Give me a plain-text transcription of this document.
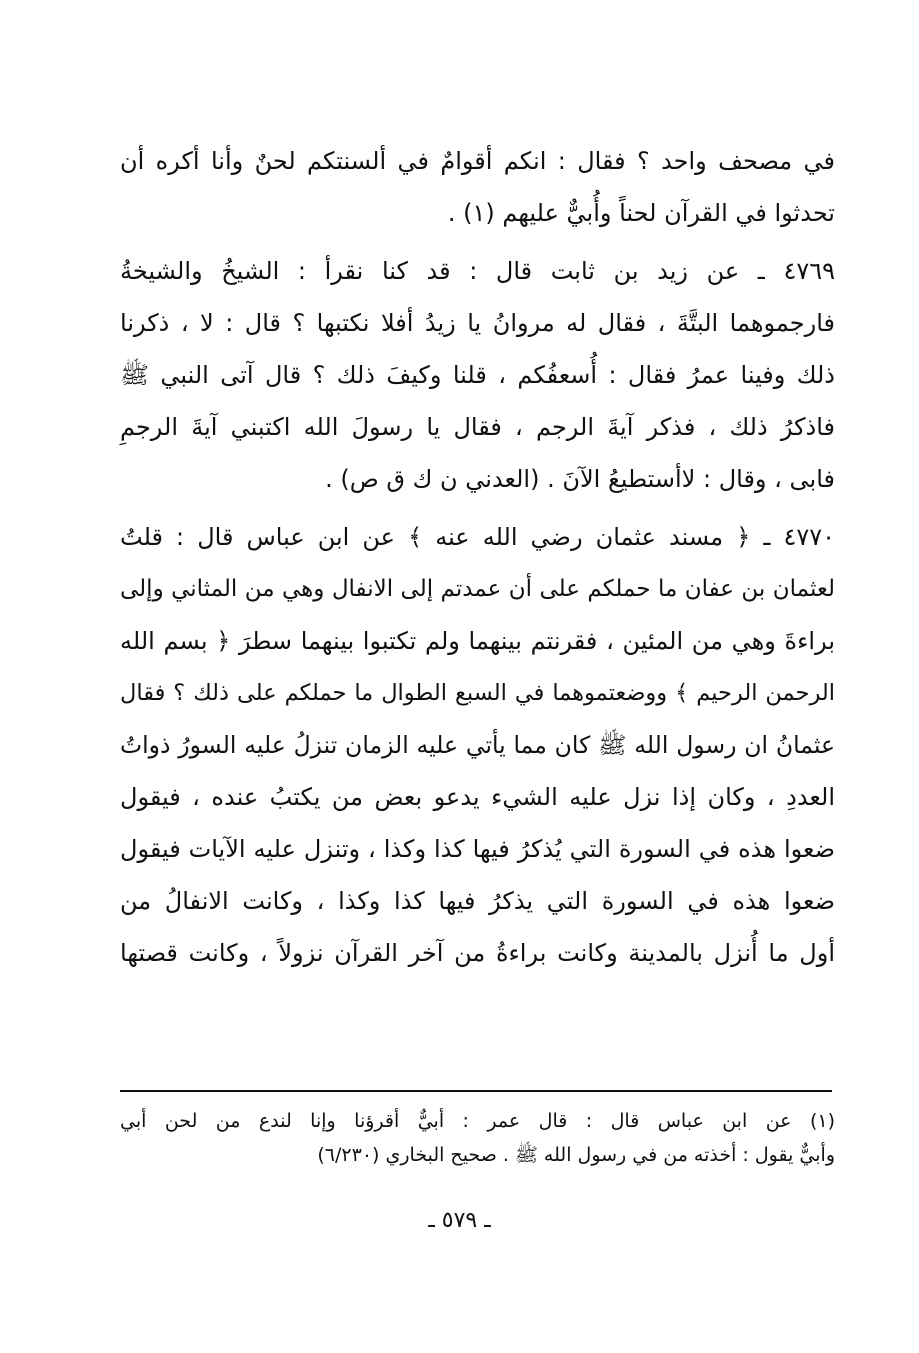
في مصحف واحد ؟ فقال : انكم أقوامٌ في ألسنتكم لحنٌ وأنا أكره أن
تحدثوا في القرآن لحناً وأُبيٌّ عليهم (١) .
٤٧٦٩ ـ عن زيد بن ثابت قال : قد كنا نقرأ : الشيخُ والشيخةُ
فارجموهما البتَّةَ ، فقال له مروانُ يا زيدُ أفلا نكتبها ؟ قال : لا ، ذكرنا
ذلك وفينا عمرُ فقال : أُسعفُكم ، قلنا وكيفَ ذلك ؟ قال آتى النبي ﷺ
فاذكرُ ذلك ، فذكر آيةَ الرجم ، فقال يا رسولَ الله اكتبني آيةَ الرجمِ
فابى ، وقال : لاأستطيعُ الآنَ . (العدني ن ك ق ص) .
٤٧٧٠ ـ ﴿ مسند عثمان رضي الله عنه ﴾ عن ابن عباس قال : قلتُ
لعثمان بن عفان ما حملكم على أن عمدتم إلى الانفال وهي من المثاني وإلى
براءةَ وهي من المئين ، فقرنتم بينهما ولم تكتبوا بينهما سطرَ ﴿ بسم الله
الرحمن الرحيم ﴾ ووضعتموهما في السبع الطوال ما حملكم على ذلك ؟ فقال
عثمانُ ان رسول الله ﷺ كان مما يأتي عليه الزمان تنزلُ عليه السورُ ذواتُ
العددِ ، وكان إذا نزل عليه الشيء يدعو بعض من يكتبُ عنده ، فيقول
ضعوا هذه في السورة التي يُذكرُ فيها كذا وكذا ، وتنزل عليه الآيات فيقول
ضعوا هذه في السورة التي يذكرُ فيها كذا وكذا ، وكانت الانفالُ من
أول ما أُنزل بالمدينة وكانت براءةُ من آخر القرآن نزولاً ، وكانت قصتها
(١) عن ابن عباس قال : قال عمر : أبيٌّ أقرؤنا وإنا لندع من لحن أبي
وأبيٌّ يقول : أخذته من في رسول الله ﷺ . صحيح البخاري (٦/٢٣٠)
ـ ٥٧٩ ـ
